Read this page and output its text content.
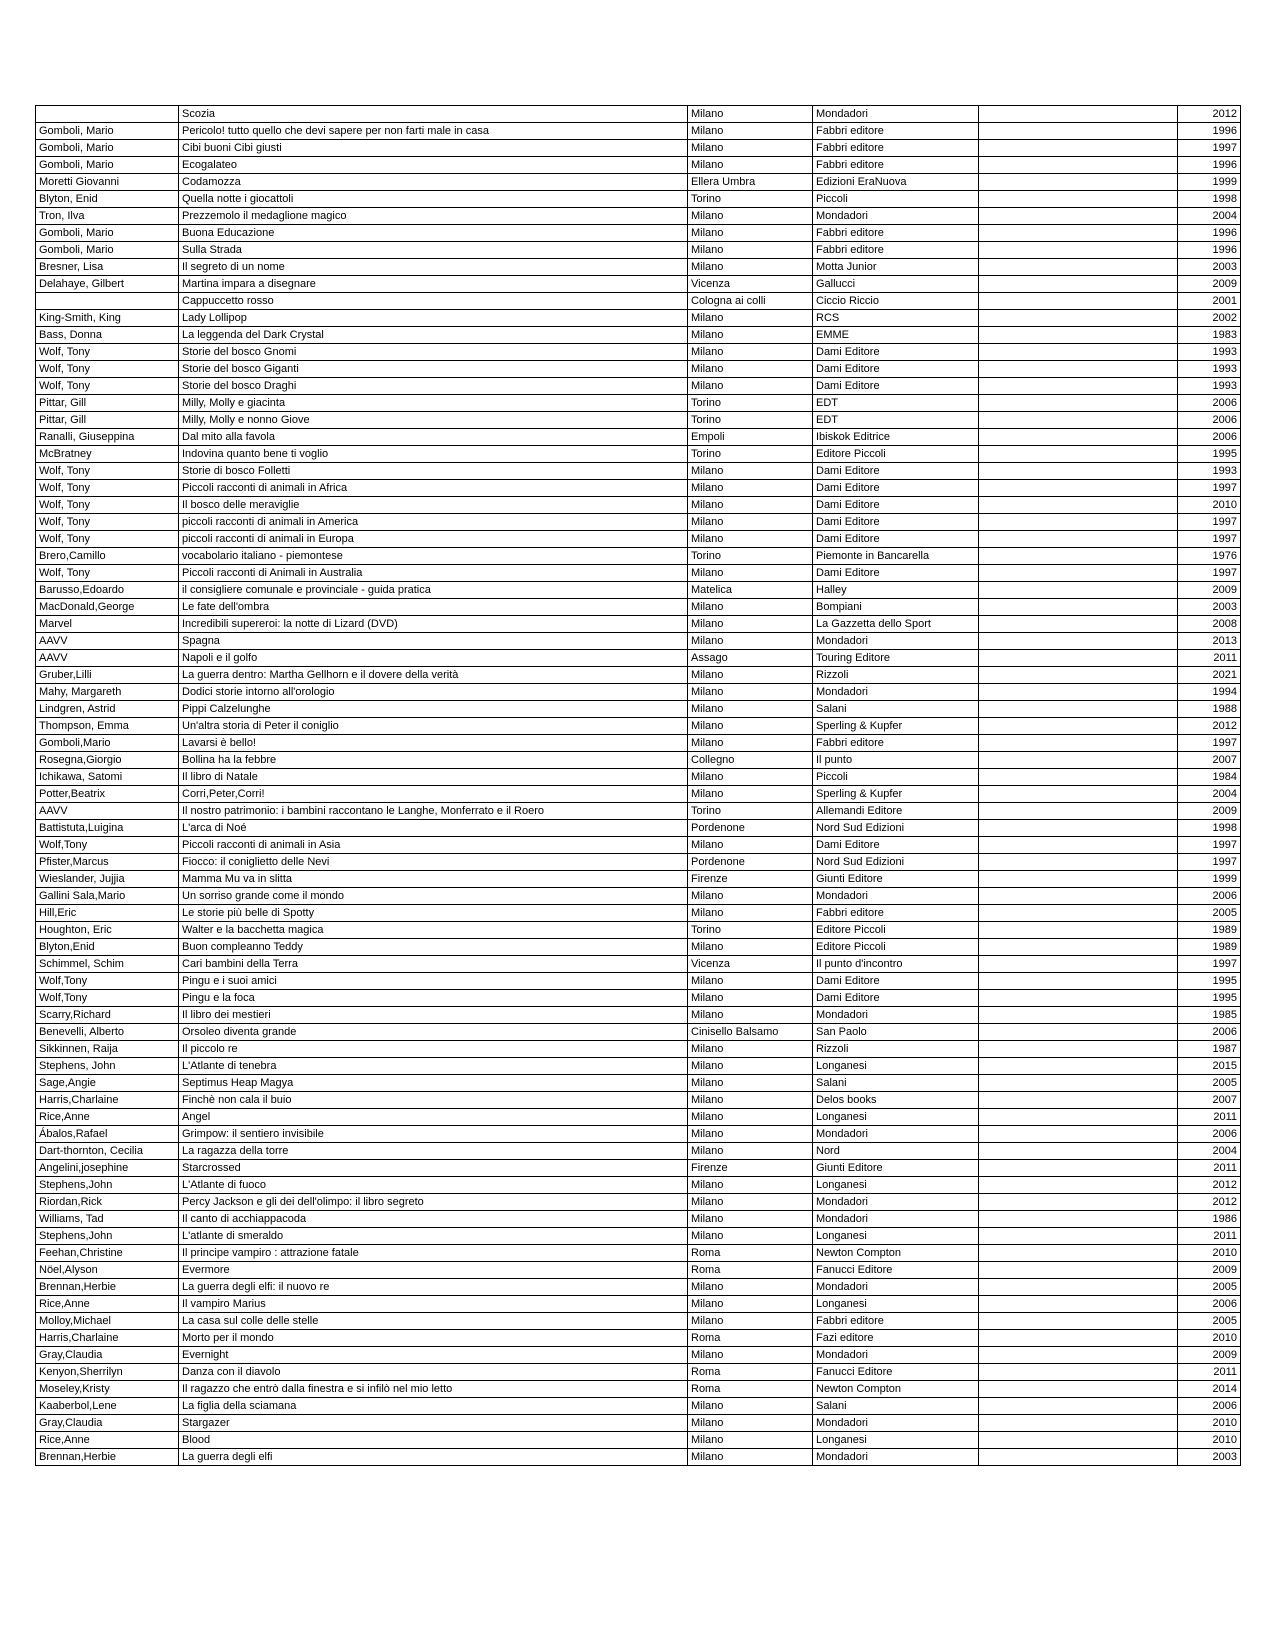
	Scozia	Milano	Mondadori		2012
Gomboli, Mario	Pericolo! tutto quello che devi sapere per non farti male in casa	Milano	Fabbri editore		1996
Gomboli, Mario	Cibi buoni Cibi giusti	Milano	Fabbri editore		1997
Gomboli, Mario	Ecogalateo	Milano	Fabbri editore		1996
Moretti Giovanni	Codamozza	Ellera Umbra	Edizioni EraNuova		1999
Blyton, Enid	Quella notte i giocattoli	Torino	Piccoli		1998
Tron, Ilva	Prezzemolo il medaglione magico	Milano	Mondadori		2004
Gomboli, Mario	Buona Educazione	Milano	Fabbri editore		1996
Gomboli, Mario	Sulla Strada	Milano	Fabbri editore		1996
Bresner, Lisa	Il segreto di un nome	Milano	Motta Junior		2003
Delahaye, Gilbert	Martina impara a disegnare	Vicenza	Gallucci		2009
	Cappuccetto rosso	Cologna ai colli	Ciccio Riccio		2001
King-Smith, King	Lady Lollipop	Milano	RCS		2002
Bass, Donna	La leggenda del Dark Crystal	Milano	EMME		1983
Wolf, Tony	Storie del bosco Gnomi	Milano	Dami Editore		1993
Wolf, Tony	Storie del bosco Giganti	Milano	Dami Editore		1993
Wolf, Tony	Storie del bosco Draghi	Milano	Dami Editore		1993
Pittar, Gill	Milly, Molly e giacinta	Torino	EDT		2006
Pittar, Gill	Milly, Molly e nonno Giove	Torino	EDT		2006
Ranalli, Giuseppina	Dal mito alla favola	Empoli	Ibiskok Editrice		2006
McBratney	Indovina quanto bene ti voglio	Torino	Editore Piccoli		1995
Wolf, Tony	Storie di bosco Folletti	Milano	Dami Editore		1993
Wolf, Tony	Piccoli racconti di animali in Africa	Milano	Dami Editore		1997
Wolf, Tony	Il bosco delle meraviglie	Milano	Dami Editore		2010
Wolf, Tony	piccoli racconti di animali in America	Milano	Dami Editore		1997
Wolf, Tony	piccoli racconti di animali in Europa	Milano	Dami Editore		1997
Brero,Camillo	vocabolario italiano - piemontese	Torino	Piemonte in Bancarella		1976
Wolf, Tony	Piccoli racconti di Animali in Australia	Milano	Dami Editore		1997
Barusso,Edoardo	il consigliere comunale e provinciale - guida pratica	Matelica	Halley		2009
MacDonald,George	Le fate dell'ombra	Milano	Bompiani		2003
Marvel	Incredibili supereroi: la notte di Lizard (DVD)	Milano	La Gazzetta dello Sport		2008
AAVV	Spagna	Milano	Mondadori		2013
AAVV	Napoli e il golfo	Assago	Touring Editore		2011
Gruber,Lilli	La guerra dentro: Martha Gellhorn e il dovere della verità	Milano	Rizzoli		2021
Mahy, Margareth	Dodici storie intorno all'orologio	Milano	Mondadori		1994
Lindgren, Astrid	Pippi Calzelunghe	Milano	Salani		1988
Thompson, Emma	Un'altra storia di Peter il coniglio	Milano	Sperling & Kupfer		2012
Gomboli,Mario	Lavarsi è bello!	Milano	Fabbri editore		1997
Rosegna,Giorgio	Bollina ha la febbre	Collegno	Il punto		2007
Ichikawa, Satomi	Il libro di Natale	Milano	Piccoli		1984
Potter,Beatrix	Corri,Peter,Corri!	Milano	Sperling & Kupfer		2004
AAVV	Il nostro patrimonio: i bambini raccontano le Langhe, Monferrato e il Roero	Torino	Allemandi Editore		2009
Battistuta,Luigina	L'arca di Noé	Pordenone	Nord Sud Edizioni		1998
Wolf,Tony	Piccoli racconti di animali in Asia	Milano	Dami Editore		1997
Pfister,Marcus	Fiocco: il coniglietto delle Nevi	Pordenone	Nord Sud Edizioni		1997
Wieslander, Jujjia	Mamma Mu va in slitta	Firenze	Giunti Editore		1999
Gallini Sala,Mario	Un sorriso grande come il mondo	Milano	Mondadori		2006
Hill,Eric	Le storie più belle di Spotty	Milano	Fabbri editore		2005
Houghton, Eric	Walter e la bacchetta magica	Torino	Editore Piccoli		1989
Blyton,Enid	Buon compleanno Teddy	Milano	Editore Piccoli		1989
Schimmel, Schim	Cari bambini della Terra	Vicenza	Il punto d'incontro		1997
Wolf,Tony	Pingu e i suoi amici	Milano	Dami Editore		1995
Wolf,Tony	Pingu e la foca	Milano	Dami Editore		1995
Scarry,Richard	Il libro dei mestieri	Milano	Mondadori		1985
Benevelli, Alberto	Orsoleo diventa grande	Cinisello Balsamo	San Paolo		2006
Sikkinnen, Raija	Il piccolo re	Milano	Rizzoli		1987
Stephens, John	L'Atlante di tenebra	Milano	Longanesi		2015
Sage,Angie	Septimus Heap Magya	Milano	Salani		2005
Harris,Charlaine	Finchè non cala il buio	Milano	Delos books		2007
Rice,Anne	Angel	Milano	Longanesi		2011
Ábalos,Rafael	Grimpow: il sentiero invisibile	Milano	Mondadori		2006
Dart-thornton, Cecilia	La ragazza della torre	Milano	Nord		2004
Angelini,josephine	Starcrossed	Firenze	Giunti Editore		2011
Stephens,John	L'Atlante di fuoco	Milano	Longanesi		2012
Riordan,Rick	Percy Jackson e gli dei dell'olimpo: il libro segreto	Milano	Mondadori		2012
Williams, Tad	Il canto di acchiappacoda	Milano	Mondadori		1986
Stephens,John	L'atlante di smeraldo	Milano	Longanesi		2011
Feehan,Christine	Il principe vampiro : attrazione fatale	Roma	Newton Compton		2010
Nöel,Alyson	Evermore	Roma	Fanucci Editore		2009
Brennan,Herbie	La guerra degli elfi: il nuovo re	Milano	Mondadori		2005
Rice,Anne	Il vampiro Marius	Milano	Longanesi		2006
Molloy,Michael	La casa sul colle delle stelle	Milano	Fabbri editore		2005
Harris,Charlaine	Morto per il mondo	Roma	Fazi editore		2010
Gray,Claudia	Evernight	Milano	Mondadori		2009
Kenyon,Sherrilyn	Danza con il diavolo	Roma	Fanucci Editore		2011
Moseley,Kristy	Il ragazzo che entrò dalla finestra e si infilò nel mio letto	Roma	Newton Compton		2014
Kaaberbol,Lene	La figlia della sciamana	Milano	Salani		2006
Gray,Claudia	Stargazer	Milano	Mondadori		2010
Rice,Anne	Blood	Milano	Longanesi		2010
Brennan,Herbie	La guerra degli elfi	Milano	Mondadori		2003
